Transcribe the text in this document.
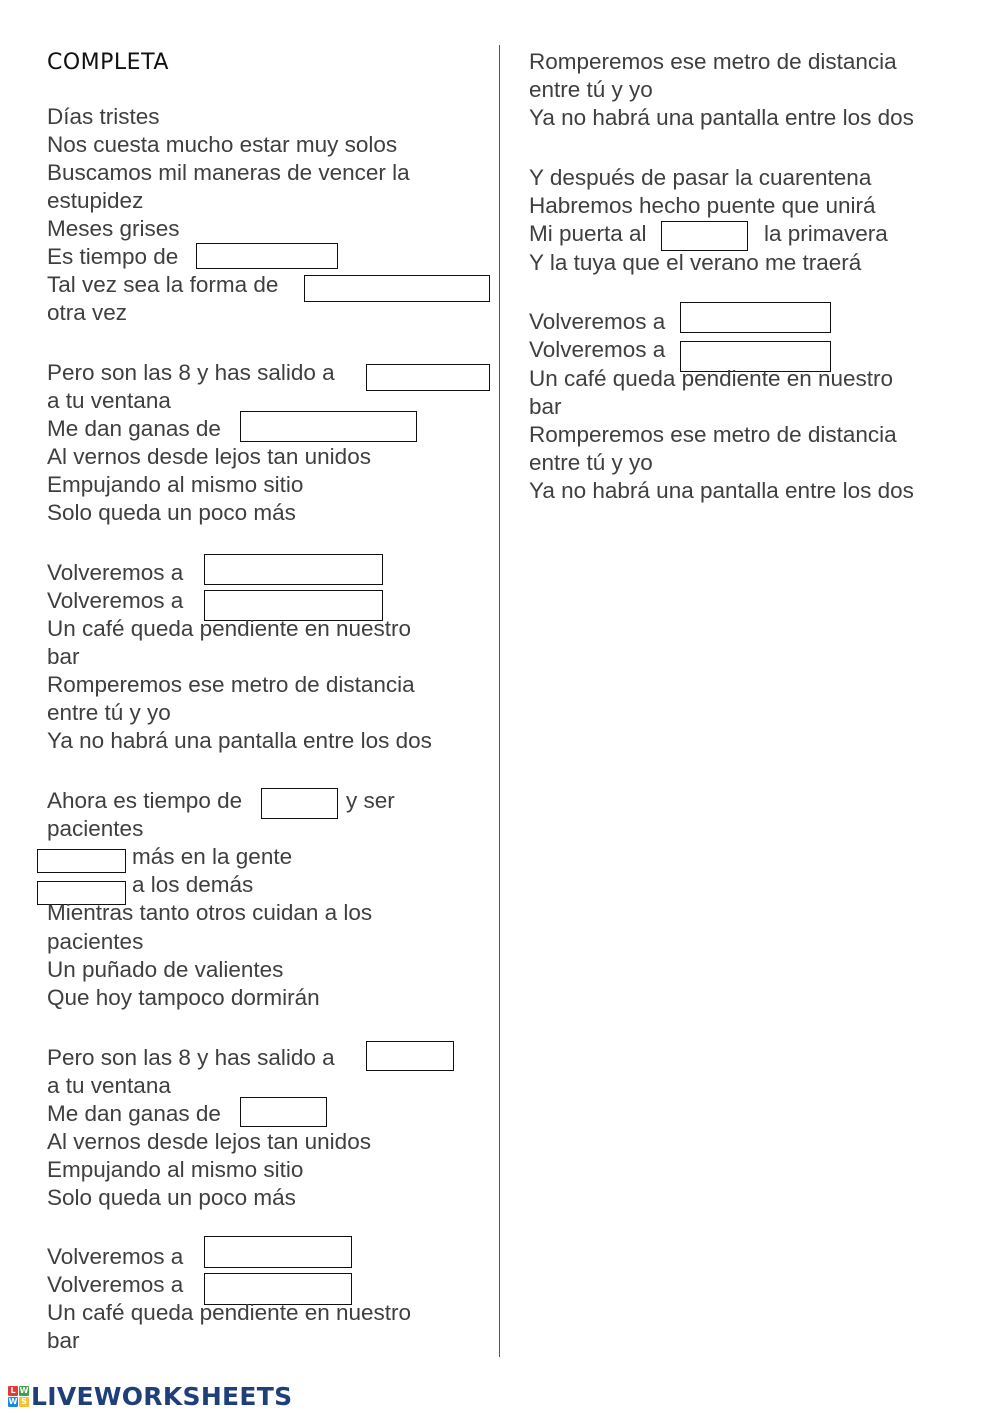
COMPLETA
Días tristes
Nos cuesta mucho estar muy solos
Buscamos mil maneras de vencer la
estupidez
Meses grises
Es tiempo de
Tal vez sea la forma de
otra vez
Pero son las 8 y has salido a
a tu ventana
Me dan ganas de
Al vernos desde lejos tan unidos
Empujando al mismo sitio
Solo queda un poco más
Volveremos a
Volveremos a
Un café queda pendiente en nuestro
bar
Romperemos ese metro de distancia
entre tú y yo
Ya no habrá una pantalla entre los dos
Ahora es tiempo de	y ser
pacientes
más en la gente
a los demás
Mientras tanto otros cuidan a los
pacientes
Un puñado de valientes
Que hoy tampoco dormirán
Pero son las 8 y has salido a
a tu ventana
Me dan ganas de
Al vernos desde lejos tan unidos
Empujando al mismo sitio
Solo queda un poco más
Volveremos a
Volveremos a
Un café queda pendiente en nuestro
bar
Romperemos ese metro de distancia
entre tú y yo
Ya no habrá una pantalla entre los dos
Y después de pasar la cuarentena
Habremos hecho puente que unirá
Mi puerta al	la primavera
Y la tuya que el verano me traerá
Volveremos a
Volveremos a
Un café queda pendiente en nuestro
bar
Romperemos ese metro de distancia
entre tú y yo
Ya no habrá una pantalla entre los dos
L W
W S LIVEWORKSHEETS
